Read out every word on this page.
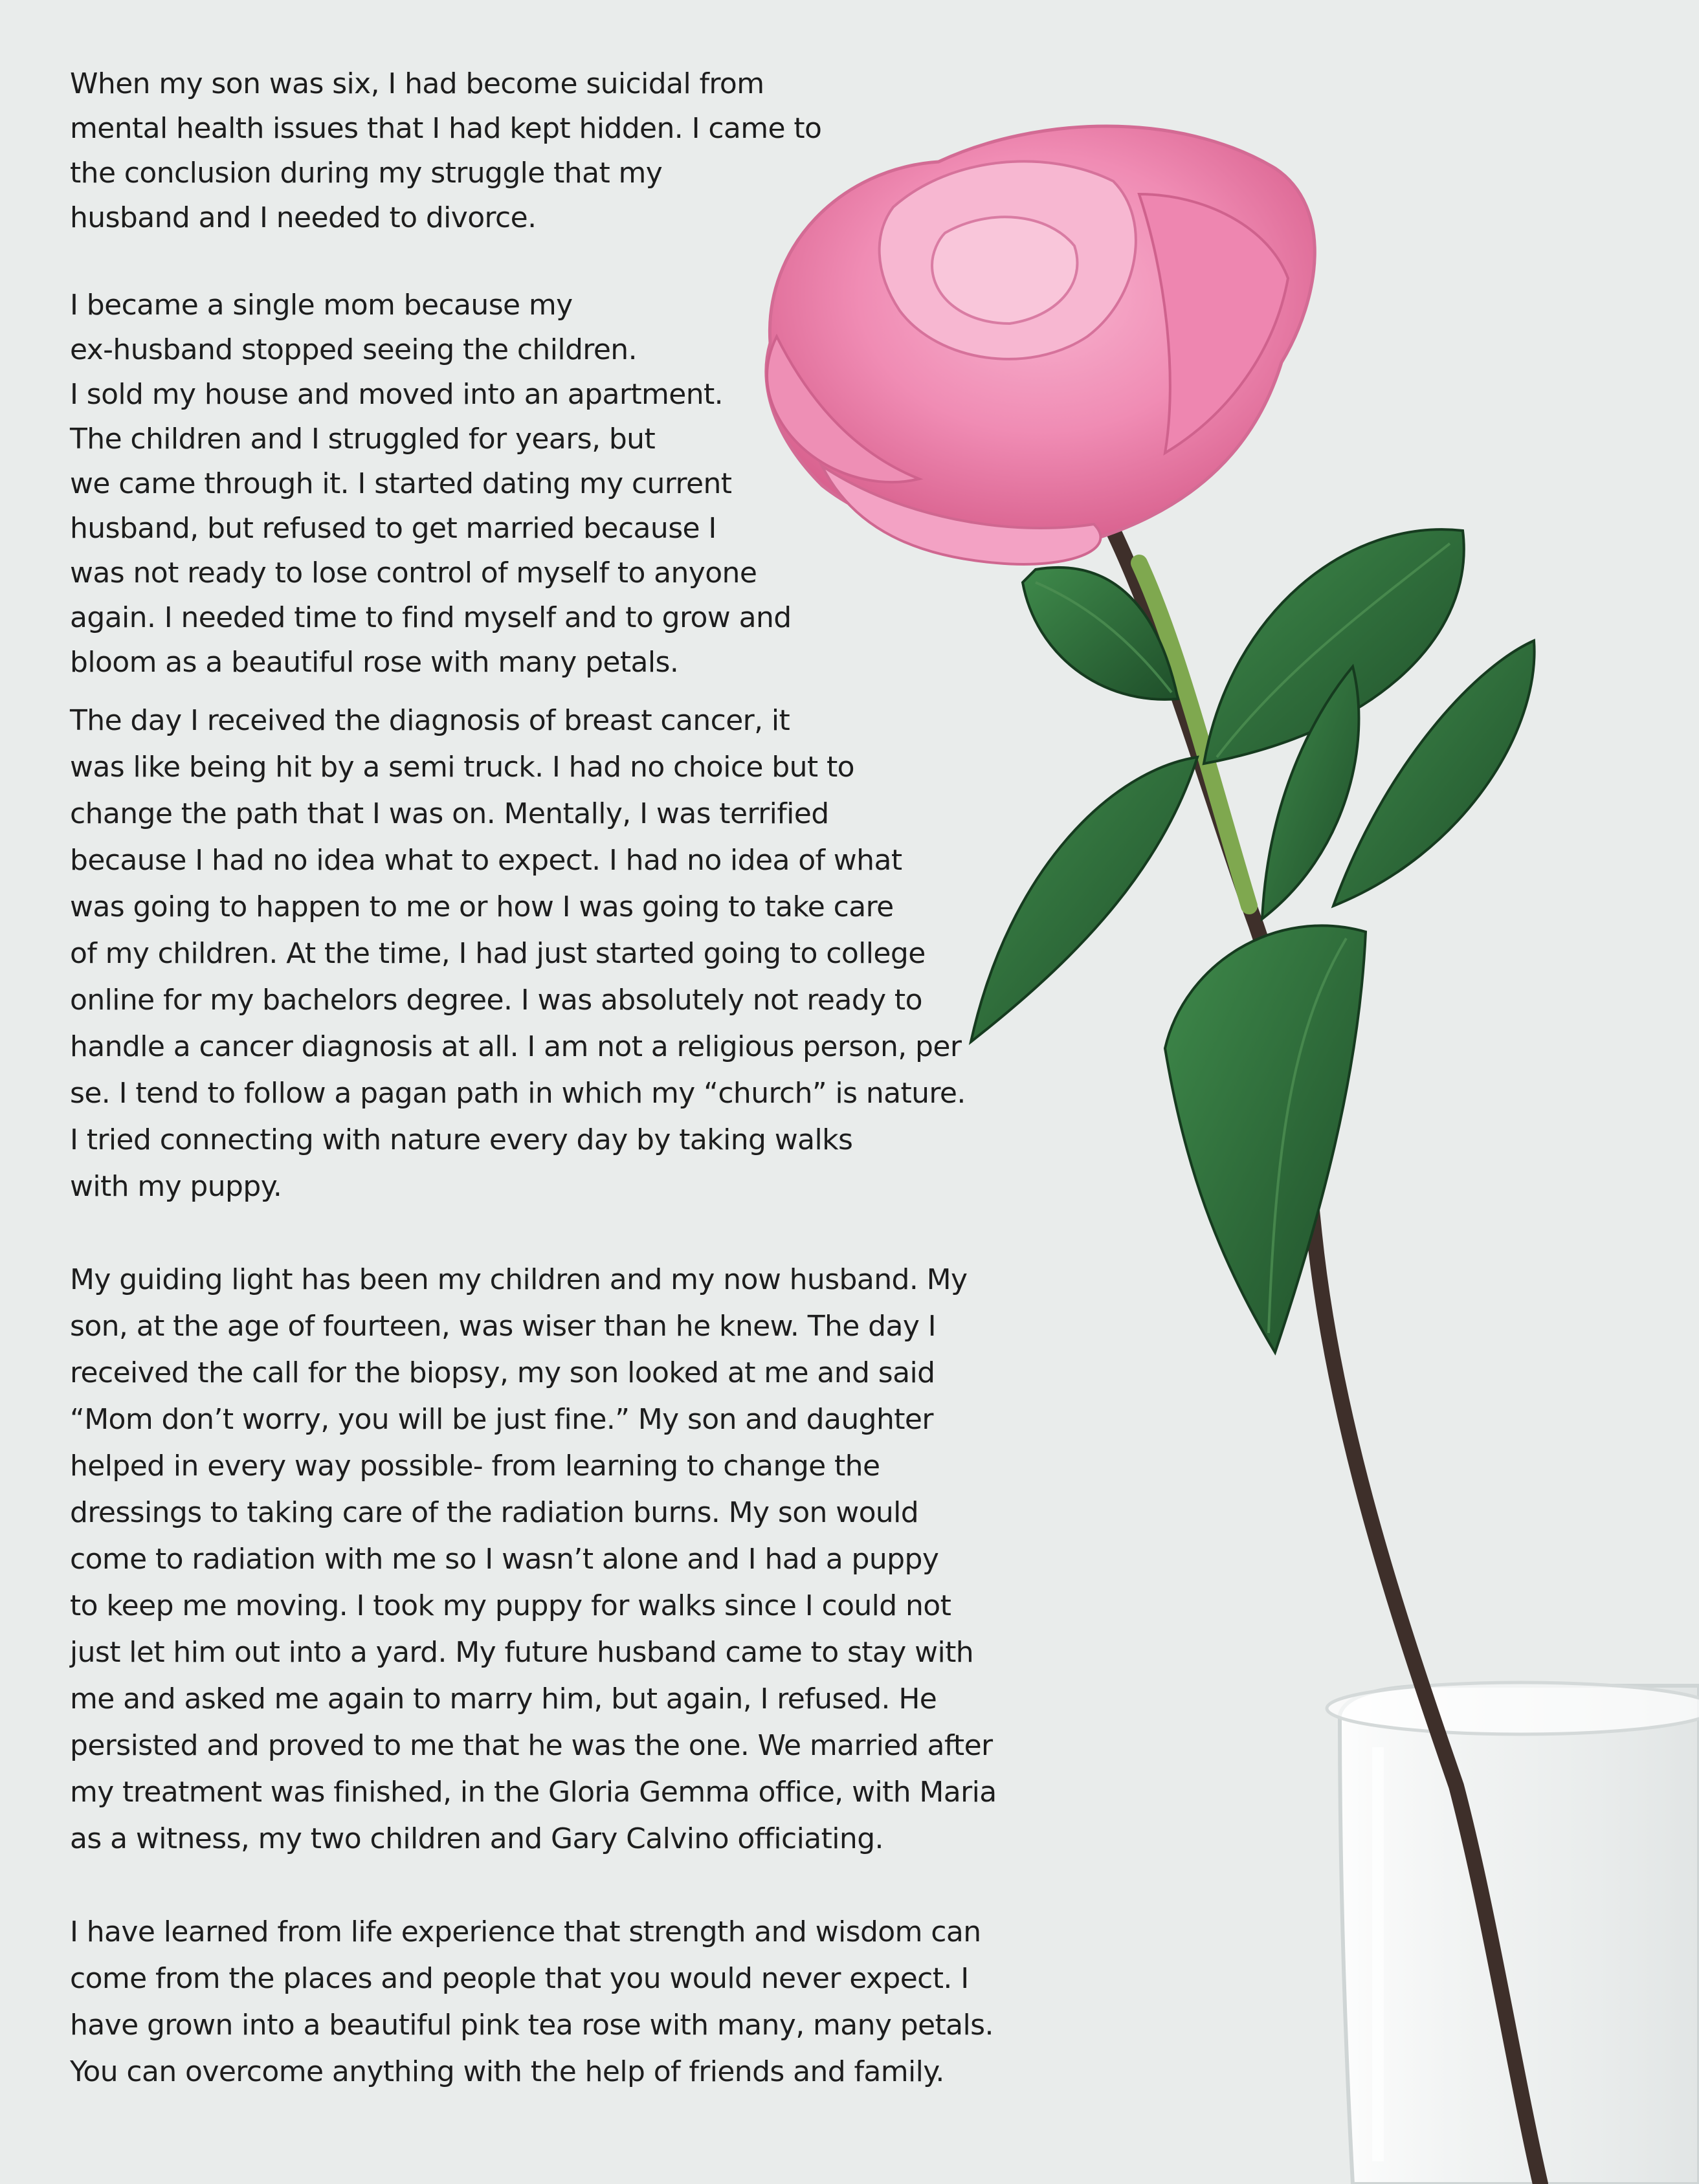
When my son was six, I had become suicidal from
mental health issues that I had kept hidden. I came to
the conclusion during my struggle that my
husband and I needed to divorce.

I became a single mom because my
ex-husband stopped seeing the children.
I sold my house and moved into an apartment.
The children and I struggled for years, but
we came through it. I started dating my current
husband, but refused to get married because I
was not ready to lose control of myself to anyone
again. I needed time to find myself and to grow and
bloom as a beautiful rose with many petals.

The day I received the diagnosis of breast cancer, it
was like being hit by a semi truck. I had no choice but to
change the path that I was on. Mentally, I was terrified
because I had no idea what to expect. I had no idea of what
was going to happen to me or how I was going to take care
of my children. At the time, I had just started going to college
online for my bachelors degree. I was absolutely not ready to
handle a cancer diagnosis at all. I am not a religious person, per
se. I tend to follow a pagan path in which my “church” is nature.
I tried connecting with nature every day by taking walks
with my puppy.

My guiding light has been my children and my now husband. My
son, at the age of fourteen, was wiser than he knew. The day I
received the call for the biopsy, my son looked at me and said
“Mom don’t worry, you will be just fine.” My son and daughter
helped in every way possible- from learning to change the
dressings to taking care of the radiation burns. My son would
come to radiation with me so I wasn’t alone and I had a puppy
to keep me moving. I took my puppy for walks since I could not
just let him out into a yard. My future husband came to stay with
me and asked me again to marry him, but again, I refused. He
persisted and proved to me that he was the one. We married after
my treatment was finished, in the Gloria Gemma office, with Maria
as a witness, my two children and Gary Calvino officiating.

I have learned from life experience that strength and wisdom can
come from the places and people that you would never expect. I
have grown into a beautiful pink tea rose with many, many petals.
You can overcome anything with the help of friends and family.
